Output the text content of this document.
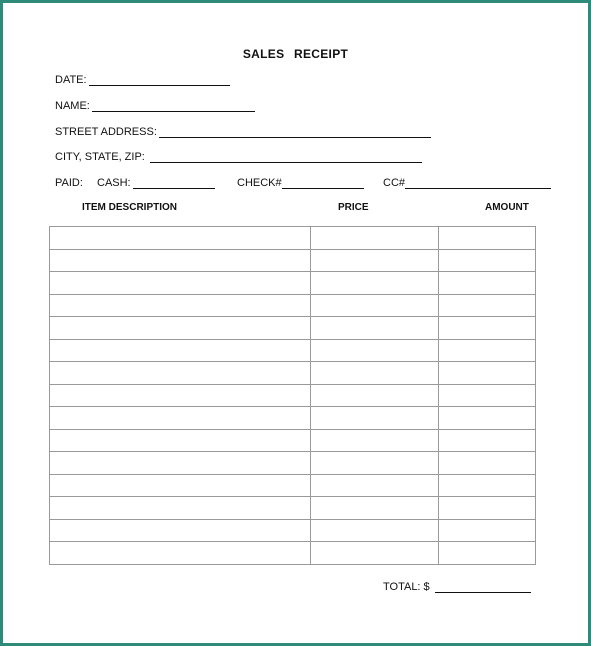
SALES RECEIPT
DATE:
NAME:
STREET ADDRESS:
CITY, STATE, ZIP:
PAID: CASH:	CHECK#	CC#
ITEM DESCRIPTION	PRICE	AMOUNT

TOTAL: $
